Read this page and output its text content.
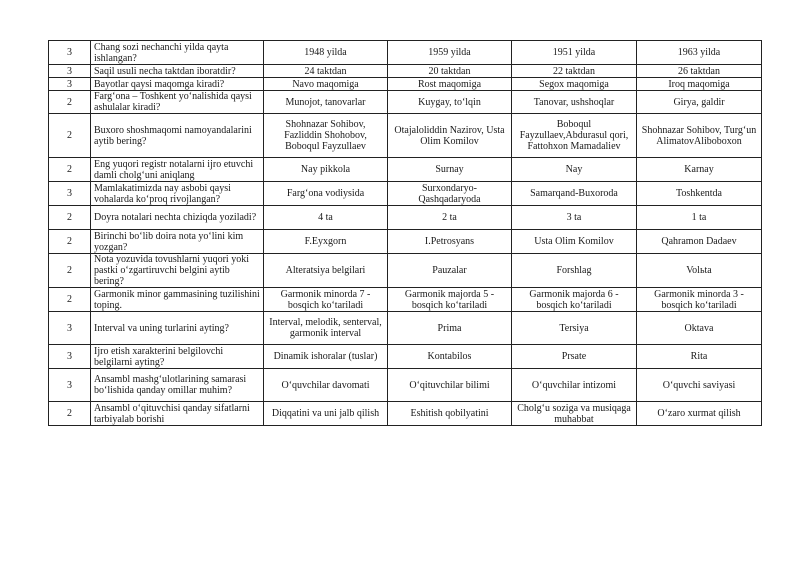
3	Chang sozi nechanchi yilda qayta ishlangan?	1948 yilda	1959 yilda	1951 yilda	1963 yilda
3	Saqil usuli necha taktdan iboratdir?	24 taktdan	20 taktdan	22 taktdan	26 taktdan
3	Bayotlar qaysi maqomga kiradi?	Navo maqomiga	Rost maqomiga	Segox maqomiga	Iroq maqomiga
2	Farg‘ona – Toshkent yo‘nalishida qaysi ashulalar kiradi?	Munojot, tanovarlar	Kuygay, to‘lqin	Tanovar, ushshoqlar	Girya, galdir
2	Buxoro shoshmaqomi namoyandalarini aytib bering?	Shohnazar Sohibov, Fazliddin Shohobov, Boboqul Fayzullaev	Otajaloliddin Nazirov, Usta Olim Komilov	Boboqul Fayzullaev,Abdurasul qori, Fattohxon Mamadaliev	Shohnazar Sohibov, Turg‘un AlimatovAliboboxon
2	Eng yuqori registr notalarni ijro etuvchi damli cholg‘uni aniqlang	Nay pikkola	Surnay	Nay	Karnay
3	Mamlakatimizda nay asbobi qaysi vohalarda ko‘proq rivojlangan?	Farg‘ona vodiysida	Surxondaryo-Qashqadaryoda	Samarqand-Buxoroda	Toshkentda
2	Doyra notalari nechta chiziqda yoziladi?	4 ta	2 ta	3 ta	1 ta
2	Birinchi bo‘lib doira nota yo‘lini kim yozgan?	F.Eyxgorn	I.Petrosyans	Usta Olim Komilov	Qahramon Dadaev
2	Nota yozuvida tovushlarni yuqori yoki pastki o‘zgartiruvchi belgini aytib bering?	Alteratsiya belgilari	Pauzalar	Forshlag	Volьta
2	Garmonik minor gammasining tuzilishini toping.	Garmonik minorda 7 - bosqich ko‘tariladi	Garmonik majorda 5 - bosqich ko‘tariladi	Garmonik majorda 6 - bosqich ko‘tariladi	Garmonik minorda 3 - bosqich ko‘tariladi
3	Interval va uning turlarini ayting?	Interval, melodik, senterval, garmonik interval	Prima	Tersiya	Oktava
3	Ijro etish xarakterini belgilovchi belgilarni ayting?	Dinamik ishoralar (tuslar)	Kontabilos	Prsate	Rita
3	Ansambl mashg‘ulotlarining samarasi bo‘lishida qanday omillar muhim?	O‘quvchilar davomati	O‘qituvchilar bilimi	O‘quvchilar intizomi	O‘quvchi saviyasi
2	Ansambl o‘qituvchisi qanday sifatlarni tarbiyalab borishi	Diqqatini va uni jalb qilish	Eshitish qobilyatini	Cholg‘u soziga va musiqaga muhabbat	O‘zaro xurmat qilish
